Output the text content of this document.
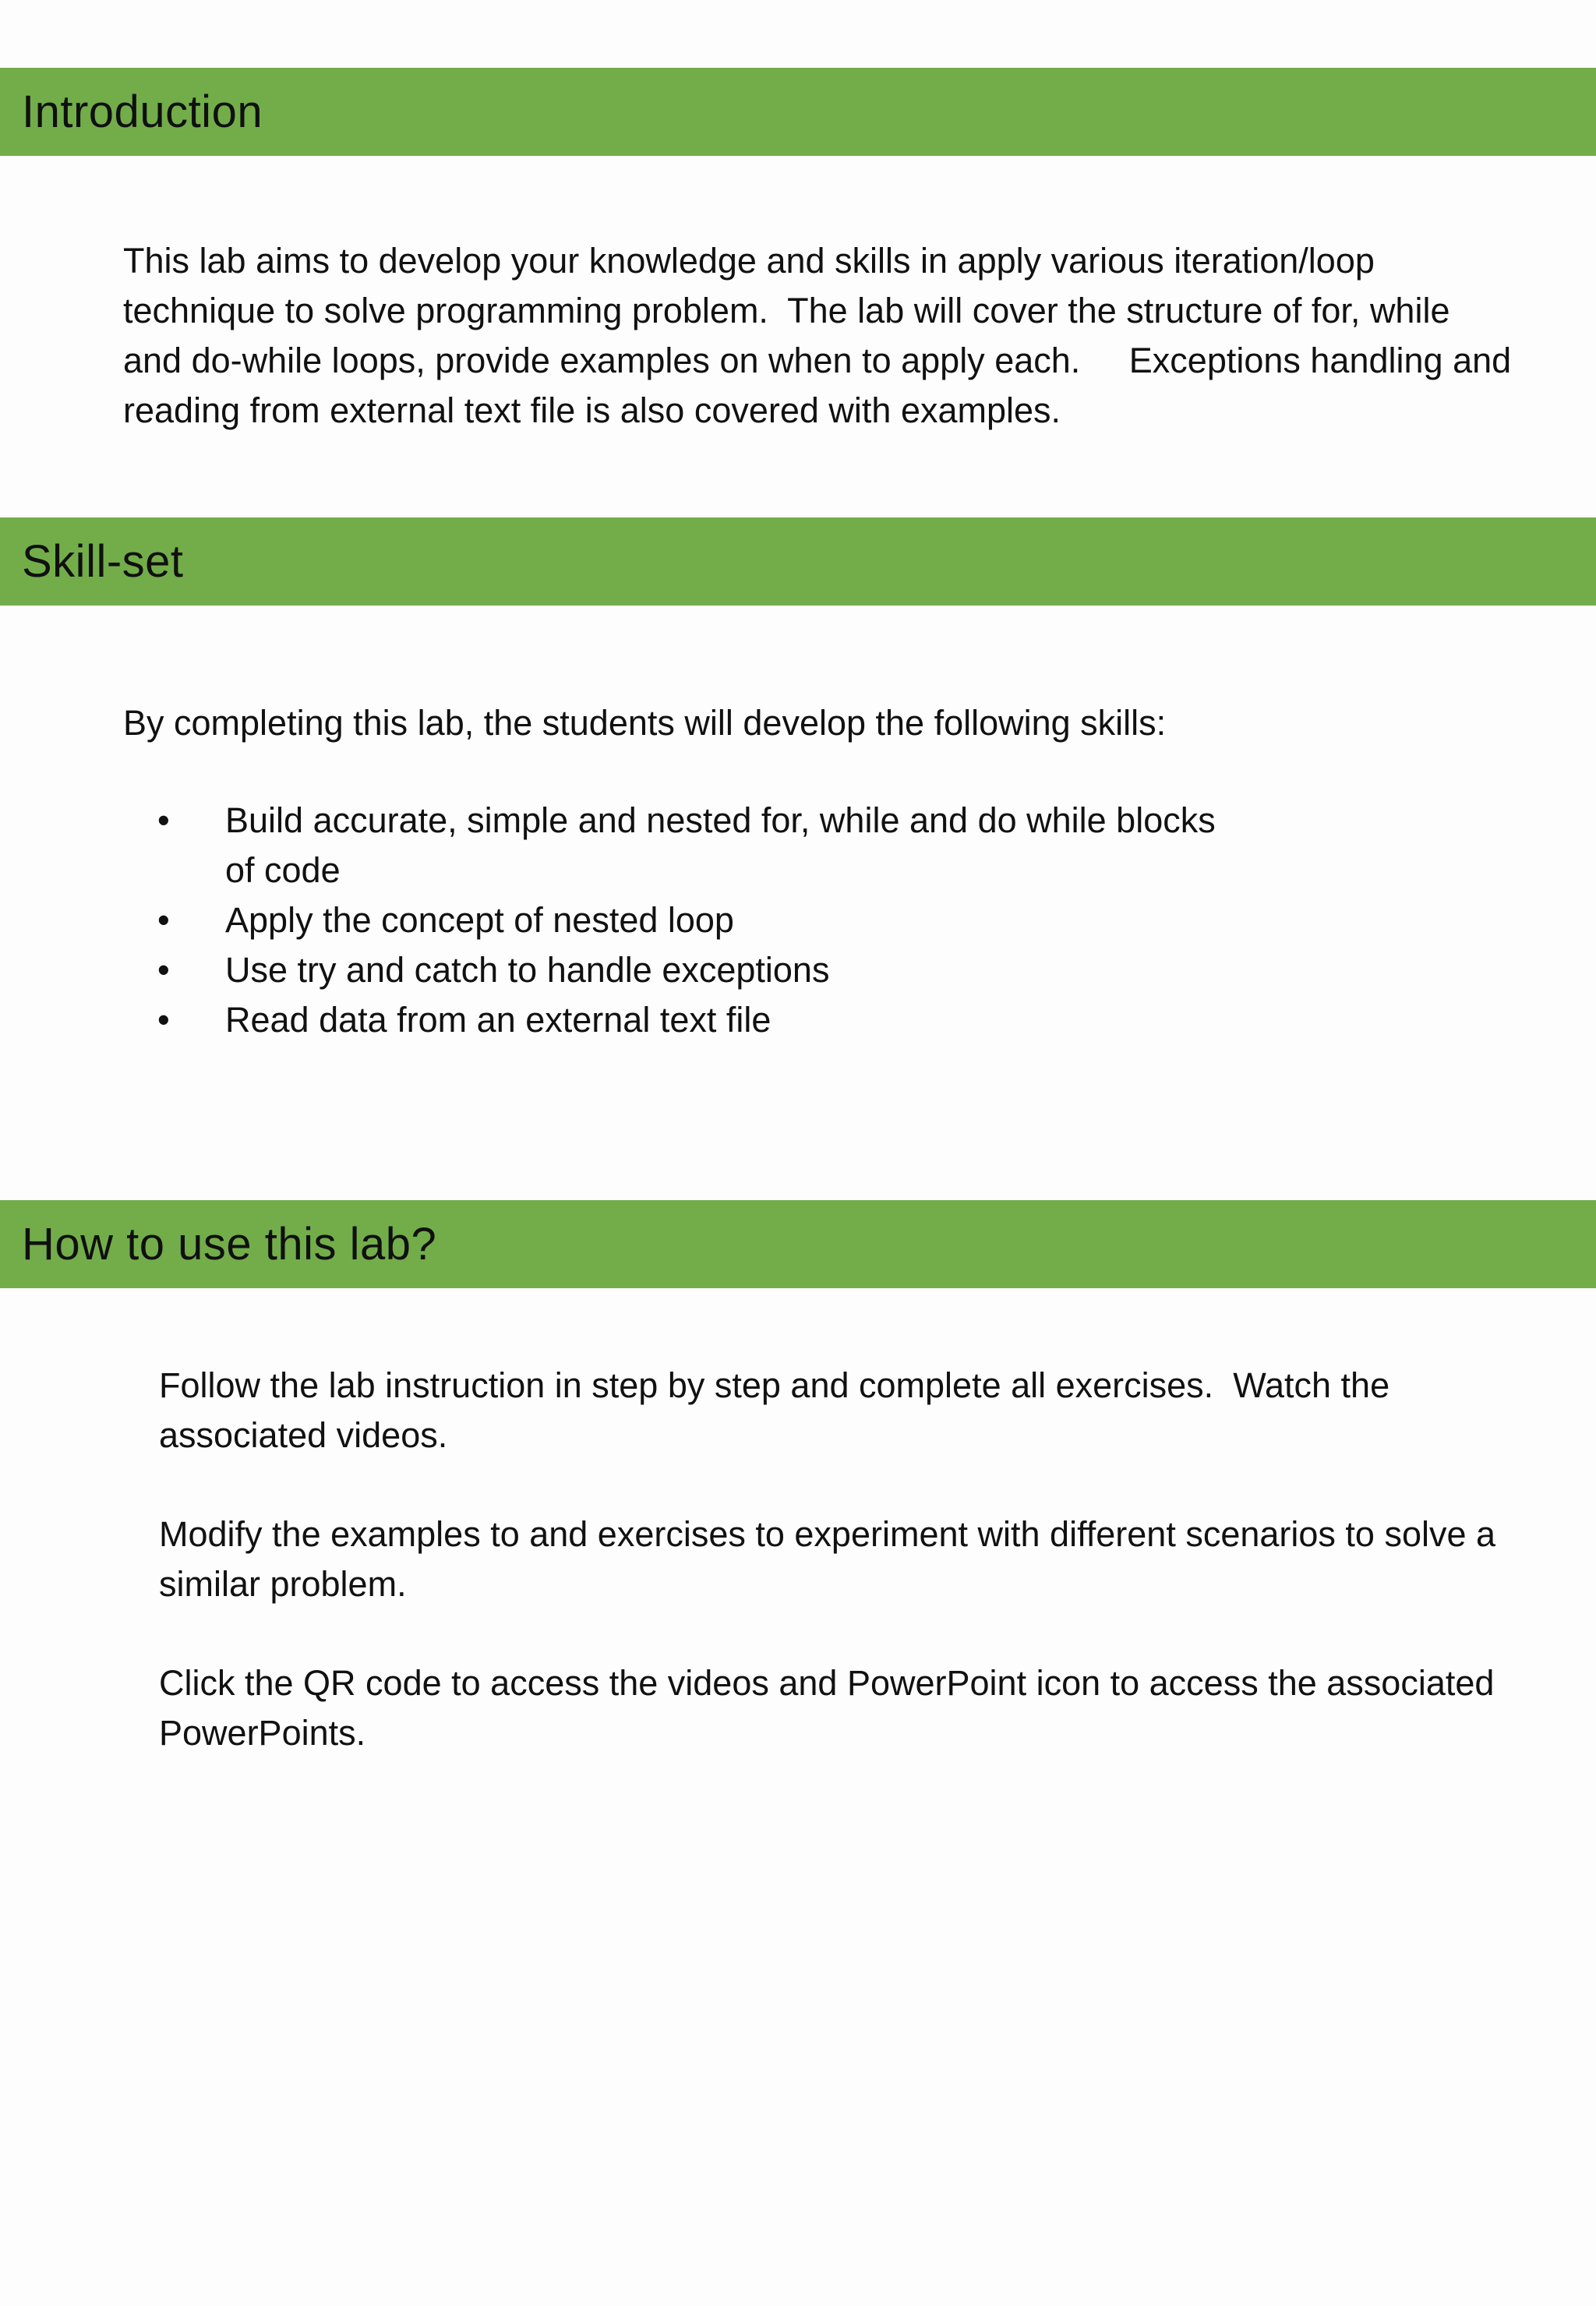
Introduction
This lab aims to develop your knowledge and skills in apply various iteration/loop technique to solve programming problem.  The lab will cover the structure of for, while and do-while loops, provide examples on when to apply each.     Exceptions handling and reading from external text file is also covered with examples.
Skill-set
By completing this lab, the students will develop the following skills:
• Build accurate, simple and nested for, while and do while blocks of code
• Apply the concept of nested loop
• Use try and catch to handle exceptions
• Read data from an external text file
How to use this lab?
Follow the lab instruction in step by step and complete all exercises.  Watch the associated videos.
Modify the examples to and exercises to experiment with different scenarios to solve a similar problem.
Click the QR code to access the videos and PowerPoint icon to access the associated PowerPoints.
